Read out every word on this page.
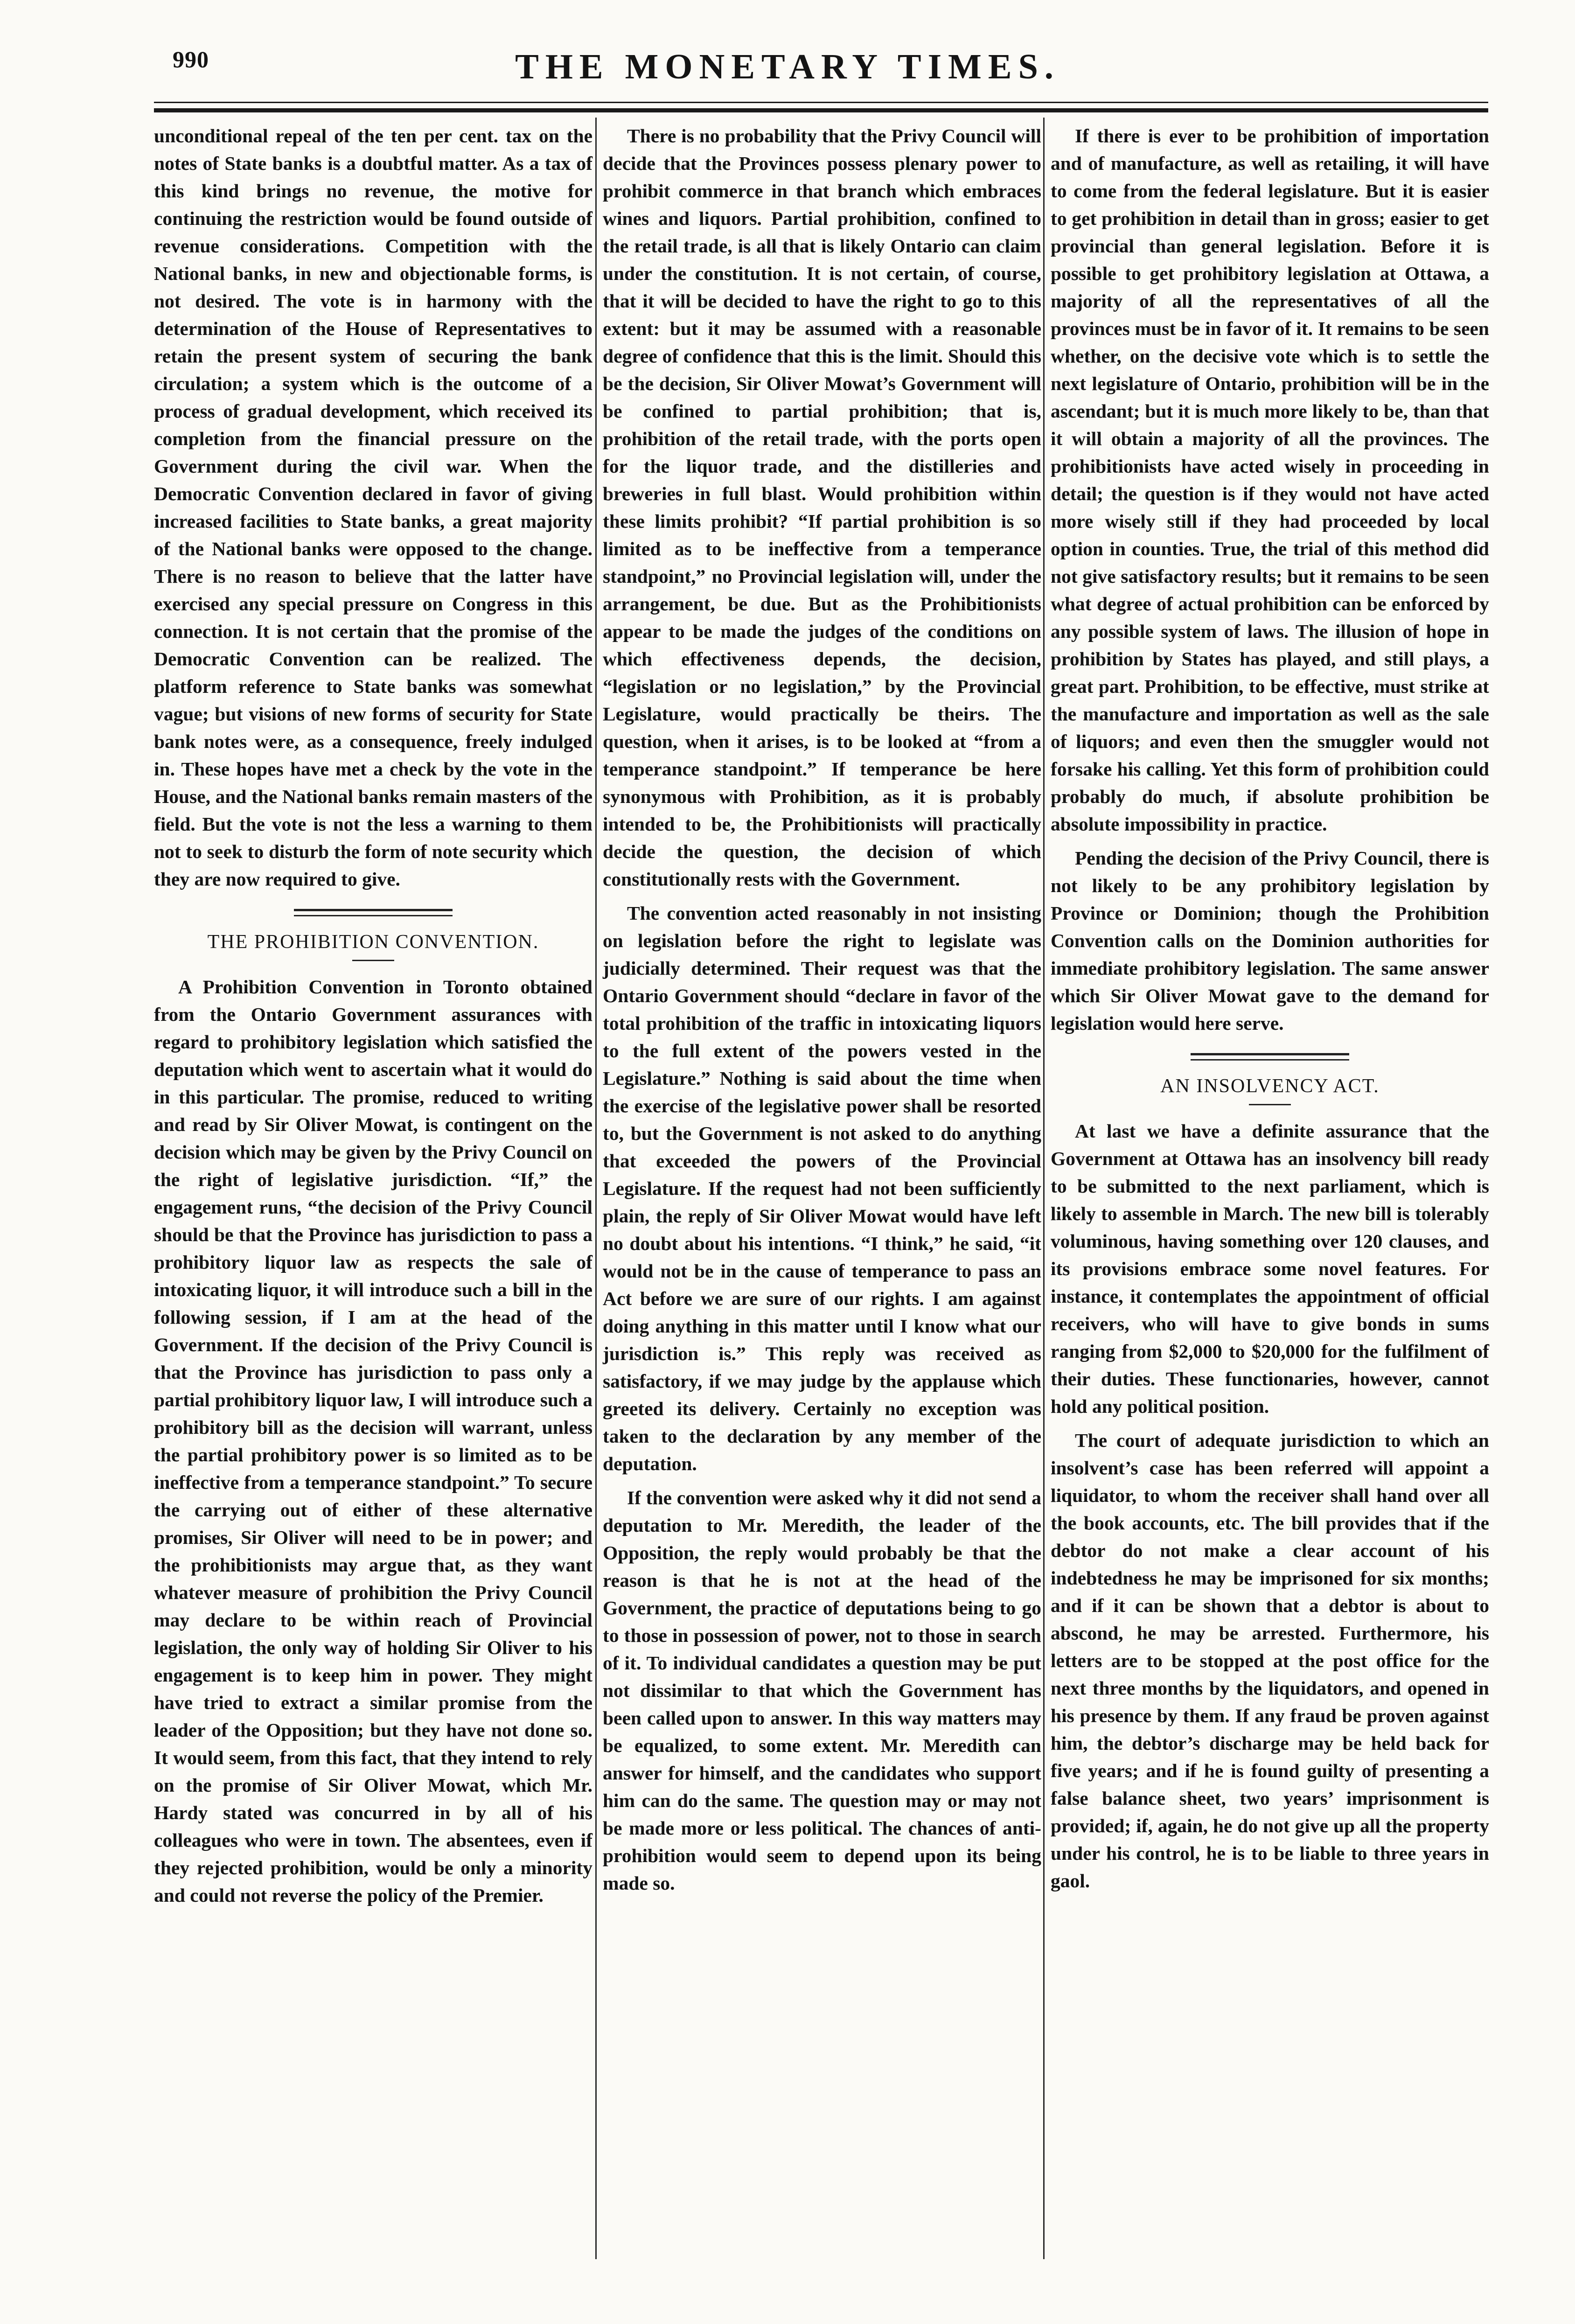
990	THE MONETARY TIMES.

unconditional repeal of the ten per cent. tax on the notes of State banks is a doubtful matter. As a tax of this kind brings no revenue, the motive for continuing the restriction would be found outside of revenue considerations. Competition with the National banks, in new and objectionable forms, is not desired. The vote is in harmony with the determination of the House of Representatives to retain the present system of securing the bank circulation; a system which is the outcome of a process of gradual development, which received its completion from the financial pressure on the Government during the civil war. When the Democratic Convention declared in favor of giving increased facilities to State banks, a great majority of the National banks were opposed to the change. There is no reason to believe that the latter have exercised any special pressure on Congress in this connection. It is not certain that the promise of the Democratic Convention can be realized. The platform reference to State banks was somewhat vague; but visions of new forms of security for State bank notes were, as a consequence, freely indulged in. These hopes have met a check by the vote in the House, and the National banks remain masters of the field. But the vote is not the less a warning to them not to seek to disturb the form of note security which they are now required to give.

THE PROHIBITION CONVENTION.

A Prohibition Convention in Toronto obtained from the Ontario Government assurances with regard to prohibitory legislation which satisfied the deputation which went to ascertain what it would do in this particular. The promise, reduced to writing and read by Sir Oliver Mowat, is contingent on the decision which may be given by the Privy Council on the right of legislative jurisdiction. “If,” the engagement runs, “the decision of the Privy Council should be that the Province has jurisdiction to pass a prohibitory liquor law as respects the sale of intoxicating liquor, it will introduce such a bill in the following session, if I am at the head of the Government. If the decision of the Privy Council is that the Province has jurisdiction to pass only a partial prohibitory liquor law, I will introduce such a prohibitory bill as the decision will warrant, unless the partial prohibitory power is so limited as to be ineffective from a temperance standpoint.” To secure the carrying out of either of these alternative promises, Sir Oliver will need to be in power; and the prohibitionists may argue that, as they want whatever measure of prohibition the Privy Council may declare to be within reach of Provincial legislation, the only way of holding Sir Oliver to his engagement is to keep him in power. They might have tried to extract a similar promise from the leader of the Opposition; but they have not done so. It would seem, from this fact, that they intend to rely on the promise of Sir Oliver Mowat, which Mr. Hardy stated was concurred in by all of his colleagues who were in town. The absentees, even if they rejected prohibition, would be only a minority and could not reverse the policy of the Premier.

There is no probability that the Privy Council will decide that the Provinces possess plenary power to prohibit commerce in that branch which embraces wines and liquors. Partial prohibition, confined to the retail trade, is all that is likely Ontario can claim under the constitution. It is not certain, of course, that it will be decided to have the right to go to this extent: but it may be assumed with a reasonable degree of confidence that this is the limit. Should this be the decision, Sir Oliver Mowat’s Government will be confined to partial prohibition; that is, prohibition of the retail trade, with the ports open for the liquor trade, and the distilleries and breweries in full blast. Would prohibition within these limits prohibit? “If partial prohibition is so limited as to be ineffective from a temperance standpoint,” no Provincial legislation will, under the arrangement, be due. But as the Prohibitionists appear to be made the judges of the conditions on which effectiveness depends, the decision, “legislation or no legislation,” by the Provincial Legislature, would practically be theirs. The question, when it arises, is to be looked at “from a temperance standpoint.” If temperance be here synonymous with Prohibition, as it is probably intended to be, the Prohibitionists will practically decide the question, the decision of which constitutionally rests with the Government.

The convention acted reasonably in not insisting on legislation before the right to legislate was judicially determined. Their request was that the Ontario Government should “declare in favor of the total prohibition of the traffic in intoxicating liquors to the full extent of the powers vested in the Legislature.” Nothing is said about the time when the exercise of the legislative power shall be resorted to, but the Government is not asked to do anything that exceeded the powers of the Provincial Legislature. If the request had not been sufficiently plain, the reply of Sir Oliver Mowat would have left no doubt about his intentions. “I think,” he said, “it would not be in the cause of temperance to pass an Act before we are sure of our rights. I am against doing anything in this matter until I know what our jurisdiction is.” This reply was received as satisfactory, if we may judge by the applause which greeted its delivery. Certainly no exception was taken to the declaration by any member of the deputation.

If the convention were asked why it did not send a deputation to Mr. Meredith, the leader of the Opposition, the reply would probably be that the reason is that he is not at the head of the Government, the practice of deputations being to go to those in possession of power, not to those in search of it. To individual candidates a question may be put not dissimilar to that which the Government has been called upon to answer. In this way matters may be equalized, to some extent. Mr. Meredith can answer for himself, and the candidates who support him can do the same. The question may or may not be made more or less political. The chances of anti-prohibition would seem to depend upon its being made so.

If there is ever to be prohibition of importation and of manufacture, as well as retailing, it will have to come from the federal legislature. But it is easier to get prohibition in detail than in gross; easier to get provincial than general legislation. Before it is possible to get prohibitory legislation at Ottawa, a majority of all the representatives of all the provinces must be in favor of it. It remains to be seen whether, on the decisive vote which is to settle the next legislature of Ontario, prohibition will be in the ascendant; but it is much more likely to be, than that it will obtain a majority of all the provinces. The prohibitionists have acted wisely in proceeding in detail; the question is if they would not have acted more wisely still if they had proceeded by local option in counties. True, the trial of this method did not give satisfactory results; but it remains to be seen what degree of actual prohibition can be enforced by any possible system of laws. The illusion of hope in prohibition by States has played, and still plays, a great part. Prohibition, to be effective, must strike at the manufacture and importation as well as the sale of liquors; and even then the smuggler would not forsake his calling. Yet this form of prohibition could probably do much, if absolute prohibition be absolute impossibility in practice.

Pending the decision of the Privy Council, there is not likely to be any prohibitory legislation by Province or Dominion; though the Prohibition Convention calls on the Dominion authorities for immediate prohibitory legislation. The same answer which Sir Oliver Mowat gave to the demand for legislation would here serve.

AN INSOLVENCY ACT.

At last we have a definite assurance that the Government at Ottawa has an insolvency bill ready to be submitted to the next parliament, which is likely to assemble in March. The new bill is tolerably voluminous, having something over 120 clauses, and its provisions embrace some novel features. For instance, it contemplates the appointment of official receivers, who will have to give bonds in sums ranging from $2,000 to $20,000 for the fulfilment of their duties. These functionaries, however, cannot hold any political position.

The court of adequate jurisdiction to which an insolvent’s case has been referred will appoint a liquidator, to whom the receiver shall hand over all the book accounts, etc. The bill provides that if the debtor do not make a clear account of his indebtedness he may be imprisoned for six months; and if it can be shown that a debtor is about to abscond, he may be arrested. Furthermore, his letters are to be stopped at the post office for the next three months by the liquidators, and opened in his presence by them. If any fraud be proven against him, the debtor’s discharge may be held back for five years; and if he is found guilty of presenting a false balance sheet, two years’ imprisonment is provided; if, again, he do not give up all the property under his control, he is to be liable to three years in gaol.
